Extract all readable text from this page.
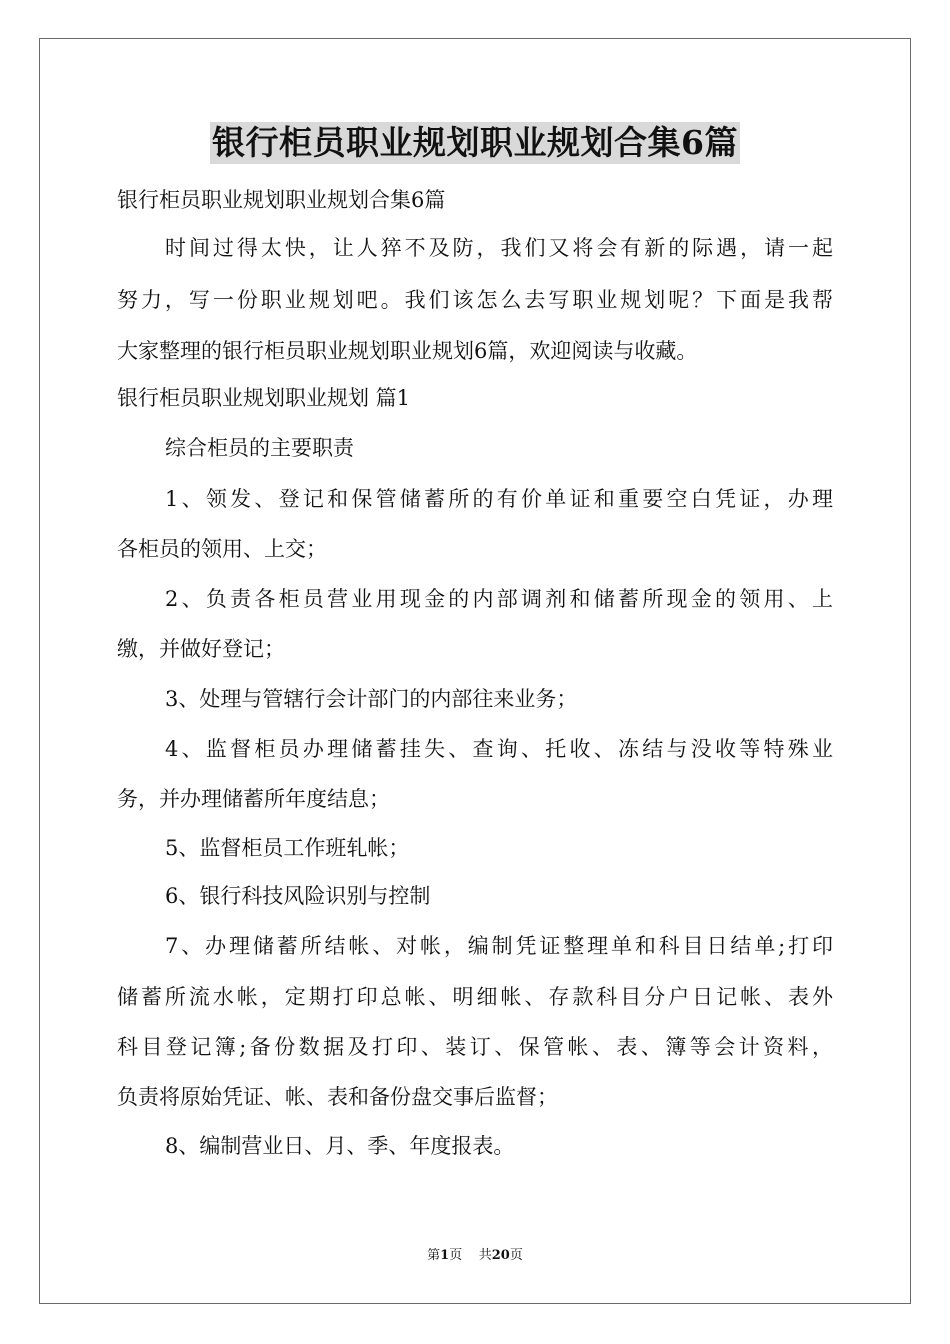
银行柜员职业规划职业规划合集6篇
银行柜员职业规划职业规划合集6篇
时间过得太快，让人猝不及防，我们又将会有新的际遇，请一起
努力，写一份职业规划吧。我们该怎么去写职业规划呢？下面是我帮
大家整理的银行柜员职业规划职业规划6篇，欢迎阅读与收藏。
银行柜员职业规划职业规划 篇1
综合柜员的主要职责
1、领发、登记和保管储蓄所的有价单证和重要空白凭证，办理
各柜员的领用、上交；
2、负责各柜员营业用现金的内部调剂和储蓄所现金的领用、上
缴，并做好登记；
3、处理与管辖行会计部门的内部往来业务；
4、监督柜员办理储蓄挂失、查询、托收、冻结与没收等特殊业
务，并办理储蓄所年度结息；
5、监督柜员工作班轧帐；
6、银行科技风险识别与控制
7、办理储蓄所结帐、对帐，编制凭证整理单和科目日结单;打印
储蓄所流水帐，定期打印总帐、明细帐、存款科目分户日记帐、表外
科目登记簿;备份数据及打印、装订、保管帐、表、簿等会计资料，
负责将原始凭证、帐、表和备份盘交事后监督；
8、编制营业日、月、季、年度报表。
第1页    共20页
